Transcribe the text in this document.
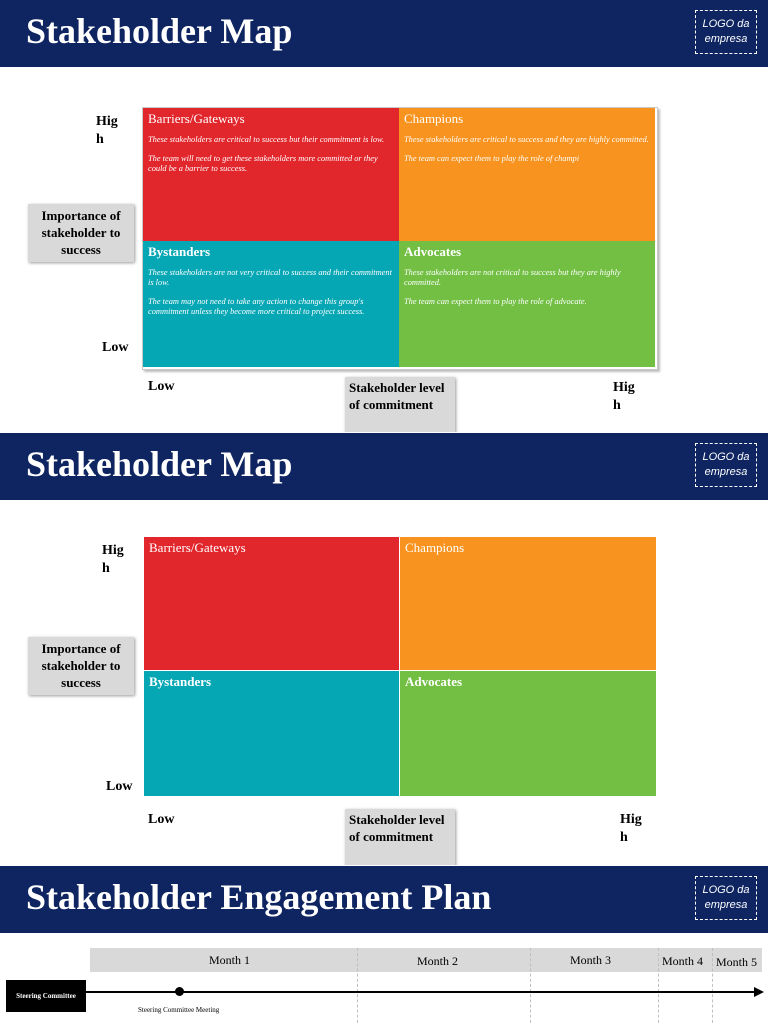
Stakeholder Map	LOGO da empresa
Hig
h
Low
Importance of stakeholder to success
Barriers/Gateways

These stakeholders are critical to success but their commitment is low.

The team will need to get these stakeholders more committed or they could be a barrier to success.

Champions

These stakeholders are critical to success and they are highly committed.

The team can expect them to play the role of champi

Bystanders

These stakeholders are not very critical to success and their commitment is low.

The team may not need to take any action to change this group's commitment unless they become more critical to project success.

Advocates

These stakeholders are not critical to success but they are highly committed.

The team can expect them to play the role of advocate.

Low	Stakeholder level of commitment
Hig
h
Stakeholder Map	LOGO da empresa
Hig
h
Low
Importance of stakeholder to success
Barriers/Gateways	Champions
Bystanders	Advocates
Low	Stakeholder level of commitment
Hig
h
Stakeholder Engagement Plan	LOGO da empresa
Month 1	Month 2	Month 3	Month 4 Month 5
Steering Committee
Steering Committee Meeting
